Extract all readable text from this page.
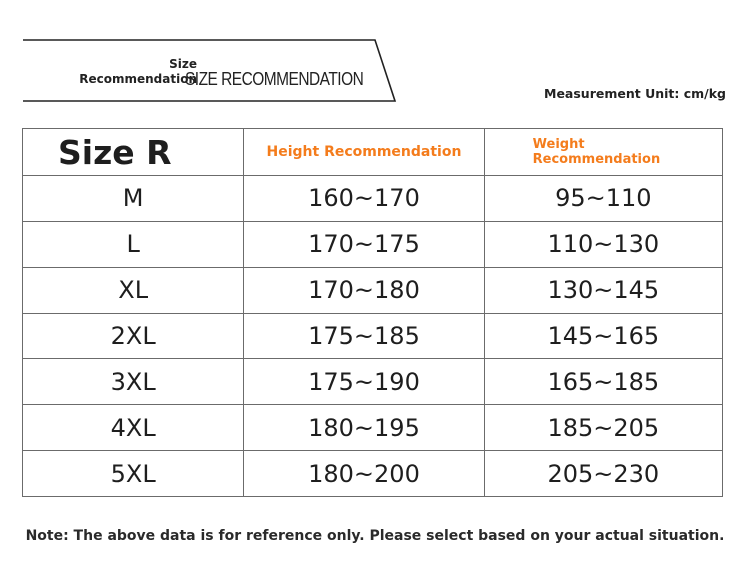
Size
Recommendation
SIZE RECOMMENDATION
Measurement Unit: cm/kg
Size R	Height Recommendation	Weight
Recommendation
M	160~170	95~110
L	170~175	110~130
XL	170~180	130~145
2XL	175~185	145~165
3XL	175~190	165~185
4XL	180~195	185~205
5XL	180~200	205~230
Note: The above data is for reference only. Please select based on your actual situation.
